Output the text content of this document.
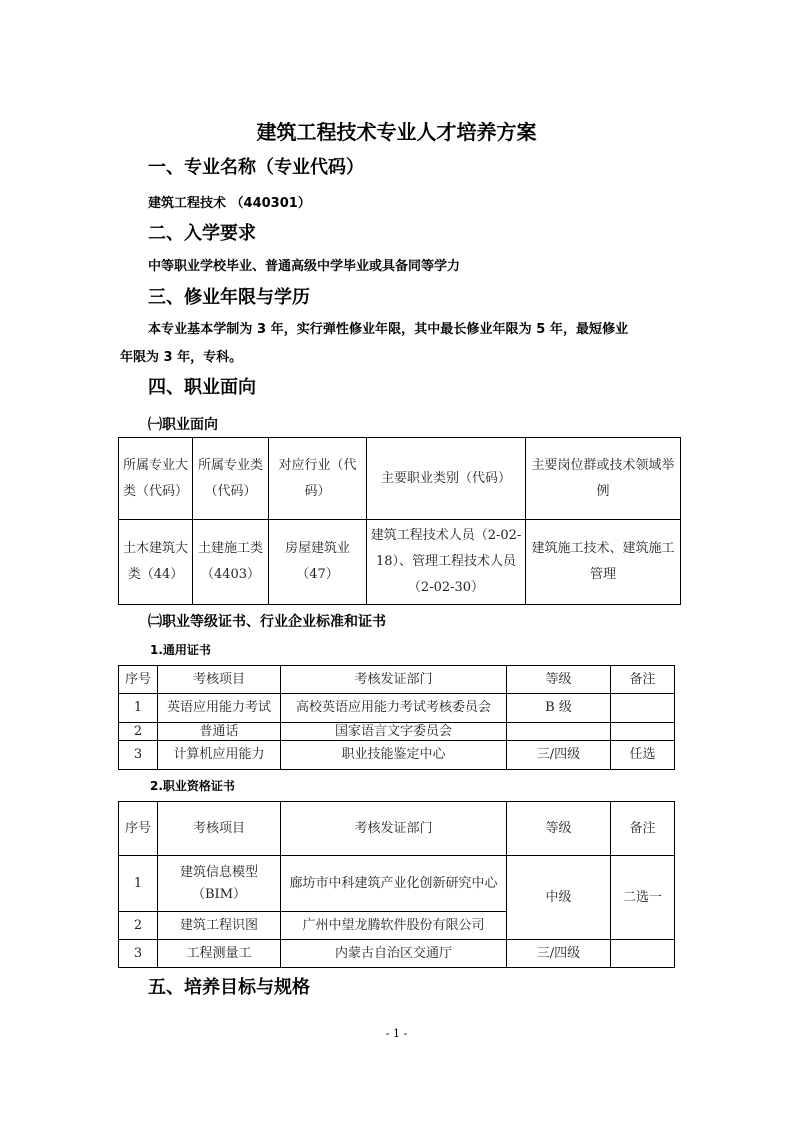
建筑工程技术专业人才培养方案
一、专业名称（专业代码）
建筑工程技术 （440301）
二、入学要求
中等职业学校毕业、普通高级中学毕业或具备同等学力
三、修业年限与学历
本专业基本学制为 3 年，实行弹性修业年限，其中最长修业年限为 5 年，最短修业
年限为 3 年，专科。
四、职业面向
㈠职业面向
所属专业大类（代码）	所属专业类（代码）	对应行业（代码）	主要职业类别（代码）	主要岗位群或技术领域举例
土木建筑大类（44）	土建施工类（4403）	房屋建筑业（47）	建筑工程技术人员（2-02-18）、管理工程技术人员（2-02-30）	建筑施工技术、建筑施工管理
㈡职业等级证书、行业企业标准和证书
1.通用证书
序号	考核项目	考核发证部门	等级	备注
1	英语应用能力考试	高校英语应用能力考试考核委员会	B 级	
2	普通话	国家语言文字委员会		
3	计算机应用能力	职业技能鉴定中心	三/四级	任选
2.职业资格证书
序号	考核项目	考核发证部门	等级	备注
1	建筑信息模型（BIM）	廊坊市中科建筑产业化创新研究中心	中级	二选一
2	建筑工程识图	广州中望龙腾软件股份有限公司		
3	工程测量工	内蒙古自治区交通厅	三/四级	
五、培养目标与规格
- 1 -
